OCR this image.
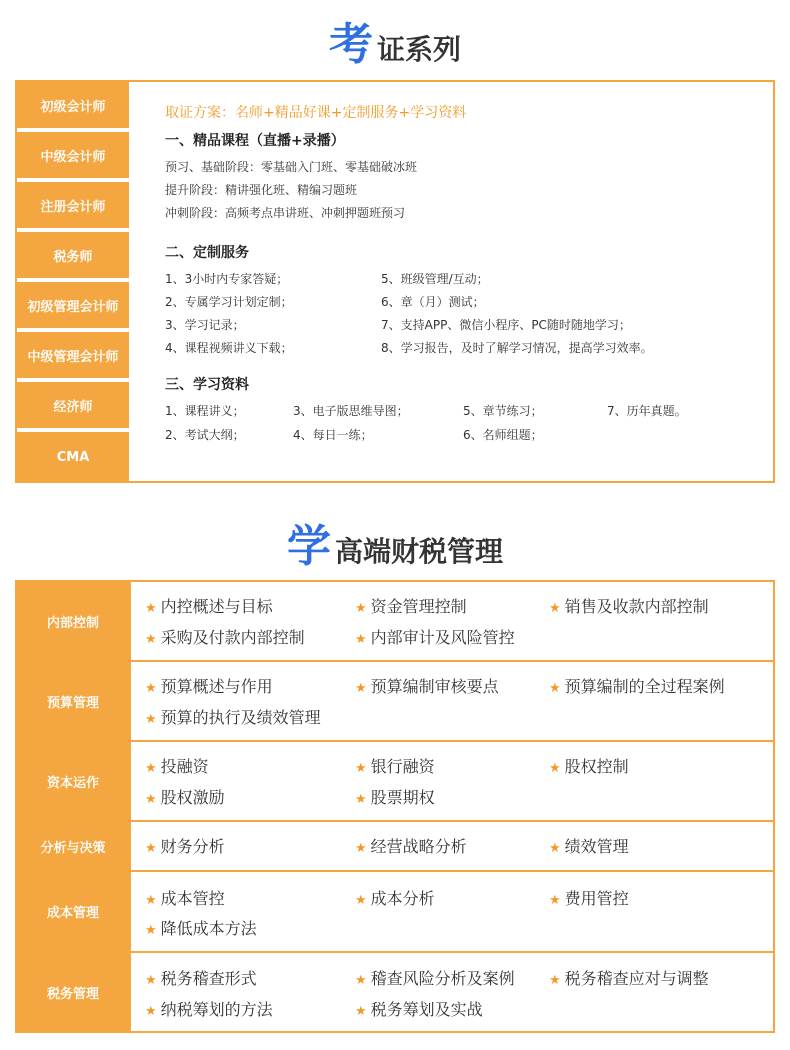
考证系列
初级会计师
中级会计师
注册会计师
税务师
初级管理会计师
中级管理会计师
经济师
CMA
取证方案：名师+精品好课+定制服务+学习资料
一、精品课程（直播+录播）
预习、基础阶段：零基础入门班、零基础破冰班
提升阶段：精讲强化班、精编习题班
冲刺阶段：高频考点串讲班、冲刺押题班预习
二、定制服务
1、3小时内专家答疑；
2、专属学习计划定制；
3、学习记录；
4、课程视频讲义下载；
5、班级管理/互动；
6、章（月）测试；
7、支持APP、微信小程序、PC随时随地学习；
8、学习报告，及时了解学习情况，提高学习效率。
三、学习资料
1、课程讲义；	3、电子版思维导图；	5、章节练习；	7、历年真题。
2、考试大纲；	4、每日一练；	6、名师组题；
学高端财税管理
内部控制
★ 内控概述与目标	★ 资金管理控制	★ 销售及收款内部控制
★ 采购及付款内部控制	★ 内部审计及风险管控
预算管理
★ 预算概述与作用	★ 预算编制审核要点	★ 预算编制的全过程案例
★ 预算的执行及绩效管理
资本运作
★ 投融资	★ 银行融资	★ 股权控制
★ 股权激励	★ 股票期权
分析与决策	★ 财务分析	★ 经营战略分析	★ 绩效管理
成本管理
★ 成本管控	★ 成本分析	★ 费用管控
★ 降低成本方法
税务管理
★ 税务稽查形式	★ 稽查风险分析及案例	★ 税务稽查应对与调整
★ 纳税筹划的方法	★ 税务筹划及实战
